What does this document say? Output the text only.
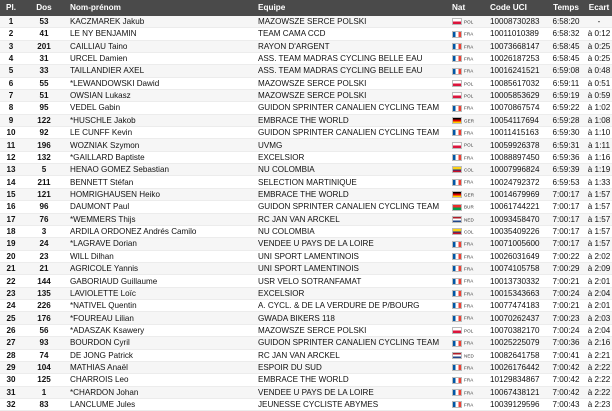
Pl.	Dos	Nom-prénom	Equipe	Nat	Code UCI	Temps	Ecart
1	53	KACZMAREK Jakub	MAZOWSZE SERCE POLSKI	POL	10008730283	6:58:20	-
2	41	LE NY BENJAMIN	TEAM CAMA CCD	FRA	10011010389	6:58:32	à 0:12
3	201	CAILLIAU Taino	RAYON D'ARGENT	FRA	10073668147	6:58:45	à 0:25
4	31	URCEL Damien	ASS. TEAM MADRAS CYCLING BELLE EAU	FRA	10026187253	6:58:45	à 0:25
5	33	TAILLANDIER AXEL	ASS. TEAM MADRAS CYCLING BELLE EAU	FRA	10016241521	6:59:08	à 0:48
6	55	*LEWANDOWSKI Dawid	MAZOWSZE SERCE POLSKI	POL	10085617032	6:59:11	à 0:51
7	51	OWSIAN Lukasz	MAZOWSZE SERCE POLSKI	POL	10005853629	6:59:19	à 0:59
8	95	VEDEL Gabin	GUIDON SPRINTER CANALIEN CYCLING TEAM	FRA	10070867574	6:59:22	à 1:02
9	122	*HUSCHLE Jakob	EMBRACE THE WORLD	GER	10054117694	6:59:28	à 1:08
10	92	LE CUNFF Kevin	GUIDON SPRINTER CANALIEN CYCLING TEAM	FRA	10011415163	6:59:30	à 1:10
11	196	WOZNIAK Szymon	UVMG	POL	10059926378	6:59:31	à 1:11
12	132	*GAILLARD Baptiste	EXCELSIOR	FRA	10088897450	6:59:36	à 1:16
13	5	HENAO GOMEZ Sebastian	NU COLOMBIA	COL	10007996824	6:59:39	à 1:19
14	211	BENNETT Stéfan	SELECTION MARTINIQUE	FRA	10024792372	6:59:53	à 1:33
15	121	HOMRIGHAUSEN Heiko	EMBRACE THE WORLD	GER	10014679969	7:00:17	à 1:57
16	96	DAUMONT Paul	GUIDON SPRINTER CANALIEN CYCLING TEAM	BUR	10061744221	7:00:17	à 1:57
17	76	*WEMMERS Thijs	RC JAN VAN ARCKEL	NED	10093458470	7:00:17	à 1:57
18	3	ARDILA ORDONEZ Andrés Camilo	NU COLOMBIA	COL	10035409226	7:00:17	à 1:57
19	24	*LAGRAVE Dorian	VENDEE U PAYS DE LA LOIRE	FRA	10071005600	7:00:17	à 1:57
20	23	WILL Dilhan	UNI SPORT LAMENTINOIS	FRA	10026031649	7:00:22	à 2:02
21	21	AGRICOLE Yannis	UNI SPORT LAMENTINOIS	FRA	10074105758	7:00:29	à 2:09
22	144	GABORIAUD Guillaume	USR VELO SOTRANFAMAT	FRA	10013730332	7:00:21	à 2:01
23	135	LAVIOLETTE Loïc	EXCELSIOR	FRA	10015343663	7:00:24	à 2:04
24	226	*NATIVEL Quentin	A. CYCL. & DE LA VERDURE DE P/BOURG	FRA	10077474183	7:00:21	à 2:01
25	176	*FOUREAU Lilian	GWADA BIKERS 118	FRA	10070262437	7:00:23	à 2:03
26	56	*ADASZAK Ksawery	MAZOWSZE SERCE POLSKI	POL	10070382170	7:00:24	à 2:04
27	93	BOURDON Cyril	GUIDON SPRINTER CANALIEN CYCLING TEAM	FRA	10025225079	7:00:36	à 2:16
28	74	DE JONG Patrick	RC JAN VAN ARCKEL	NED	10082641758	7:00:41	à 2:21
29	104	MATHIAS Anaël	ESPOIR DU SUD	FRA	10026176442	7:00:42	à 2:22
30	125	CHARROIS Leo	EMBRACE THE WORLD	FRA	10129834867	7:00:42	à 2:22
31	1	*CHARDON Johan	VENDEE U PAYS DE LA LOIRE	FRA	10067438121	7:00:42	à 2:22
32	83	LANCLUME Jules	JEUNESSE CYCLISTE ABYMES	FRA	10039129596	7:00:43	à 2:23
